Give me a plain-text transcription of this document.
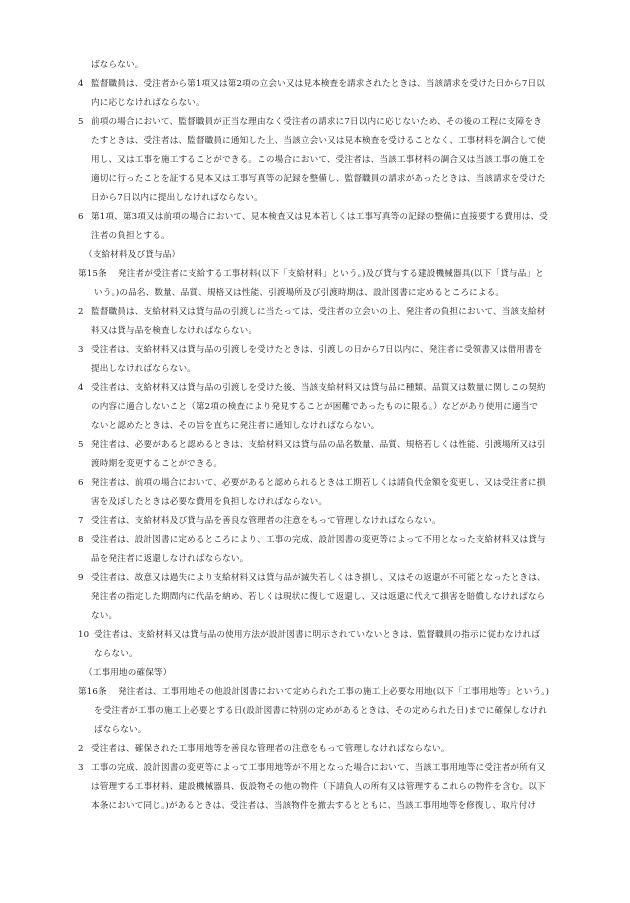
ばならない。
4 監督職員は、受注者から第1項又は第2項の立会い又は見本検査を請求されたときは、当該請求を受けた日から7日以
内に応じなければならない。
5 前項の場合において、監督職員が正当な理由なく受注者の請求に7日以内に応じないため、その後の工程に支障をき
たすときは、受注者は、監督職員に通知した上、当該立会い又は見本検査を受けることなく、工事材料を調合して使
用し、又は工事を施工することができる。この場合において、受注者は、当該工事材料の調合又は当該工事の施工を
適切に行ったことを証する見本又は工事写真等の記録を整備し、監督職員の請求があったときは、当該請求を受けた
日から7日以内に提出しなければならない。
6 第1項、第3項又は前項の場合において、見本検査又は見本若しくは工事写真等の記録の整備に直接要する費用は、受
注者の負担とする。
（支給材料及び貸与品）
第15条 発注者が受注者に支給する工事材料(以下「支給材料」という。)及び貸与する建設機械器具(以下「貸与品」と
いう。)の品名、数量、品質、規格又は性能、引渡場所及び引渡時期は、設計図書に定めるところによる。
2 監督職員は、支給材料又は貸与品の引渡しに当たっては、受注者の立会いの上、発注者の負担において、当該支給材
料又は貸与品を検査しなければならない。
3 受注者は、支給材料又は貸与品の引渡しを受けたときは、引渡しの日から7日以内に、発注者に受領書又は借用書を
提出しなければならない。
4 受注者は、支給材料又は貸与品の引渡しを受けた後、当該支給材料又は貸与品に種類、品質又は数量に関しこの契約
の内容に適合しないこと（第2項の検査により発見することが困難であったものに限る。）などがあり使用に適当で
ないと認めたときは、その旨を直ちに発注者に通知しなければならない。
5 発注者は、必要があると認めるときは、支給材料又は貸与品の品名数量、品質、規格若しくは性能、引渡場所又は引
渡時期を変更することができる。
6 発注者は、前項の場合において、必要があると認められるときは工期若しくは請負代金額を変更し、又は受注者に損
害を及ぼしたときは必要な費用を負担しなければならない。
7 受注者は、支給材料及び貸与品を善良な管理者の注意をもって管理しなければならない。
8 受注者は、設計図書に定めるところにより、工事の完成、設計図書の変更等によって不用となった支給材料又は貸与
品を発注者に返還しなければならない。
9 受注者は、故意又は過失により支給材料又は貸与品が滅失若しくはき損し、又はその返還が不可能となったときは、
発注者の指定した期間内に代品を納め、若しくは現状に復して返還し、又は返還に代えて損害を賠償しなければなら
ない。
10 受注者は、支給材料又は貸与品の使用方法が設計図書に明示されていないときは、監督職員の指示に従わなければ
ならない。
（工事用地の確保等）
第16条 発注者は、工事用地その他設計図書において定められた工事の施工上必要な用地(以下「工事用地等」という。)
を受注者が工事の施工上必要とする日(設計図書に特別の定めがあるときは、その定められた日)までに確保しなけれ
ばならない。
2 受注者は、確保された工事用地等を善良な管理者の注意をもって管理しなければならない。
3 工事の完成、設計図書の変更等によって工事用地等が不用となった場合において、当該工事用地等に受注者が所有又
は管理する工事材料、建設機械器具、仮設物その他の物件（下請負人の所有又は管理するこれらの物件を含む。以下
本条において同じ。)があるときは、受注者は、当該物件を撤去するとともに、当該工事用地等を修復し、取片付け
